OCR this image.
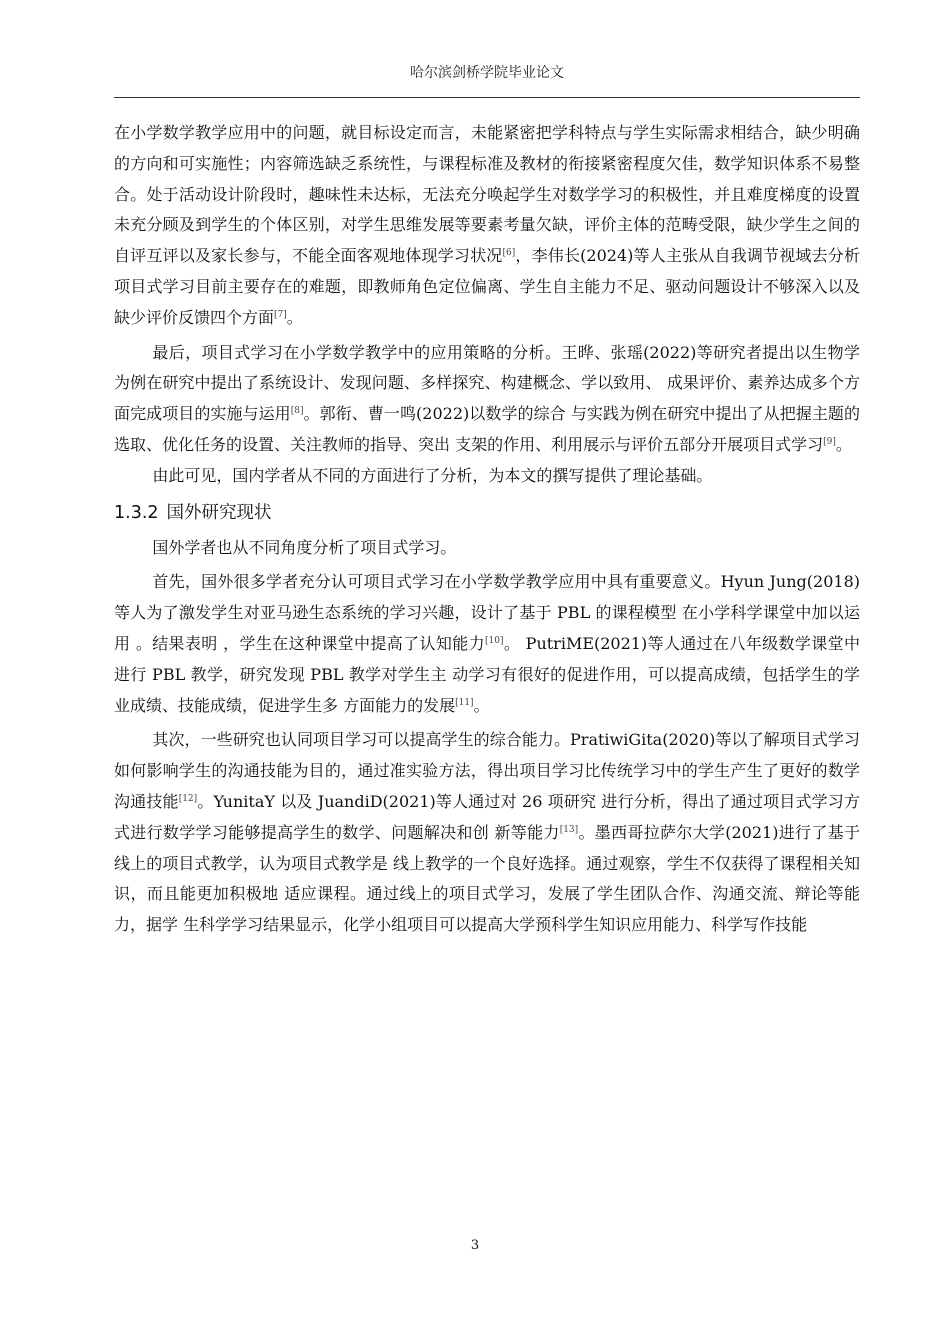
哈尔滨剑桥学院毕业论文

在小学数学教学应用中的问题，就目标设定而言，未能紧密把学科特点与学生实际需求相结合，缺少明确的方向和可实施性；内容筛选缺乏系统性，与课程标准及教材的衔接紧密程度欠佳，数学知识体系不易整合。处于活动设计阶段时，趣味性未达标，无法充分唤起学生对数学学习的积极性，并且难度梯度的设置未充分顾及到学生的个体区别，对学生思维发展等要素考量欠缺，评价主体的范畴受限，缺少学生之间的自评互评以及家长参与，不能全面客观地体现学习状况[6]，李伟长(2024)等人主张从自我调节视域去分析项目式学习目前主要存在的难题，即教师角色定位偏离、学生自主能力不足、驱动问题设计不够深入以及缺少评价反馈四个方面[7]。

最后，项目式学习在小学数学教学中的应用策略的分析。王晔、张瑶(2022)等研究者提出以生物学为例在研究中提出了系统设计、发现问题、多样探究、构建概念、学以致用、 成果评价、素养达成多个方面完成项目的实施与运用[8]。郭衔、曹一鸣(2022)以数学的综合 与实践为例在研究中提出了从把握主题的选取、优化任务的设置、关注教师的指导、突出 支架的作用、利用展示与评价五部分开展项目式学习[9]。

由此可见，国内学者从不同的方面进行了分析，为本文的撰写提供了理论基础。

1.3.2 国外研究现状

国外学者也从不同角度分析了项目式学习。

首先，国外很多学者充分认可项目式学习在小学数学教学应用中具有重要意义。Hyun Jung(2018)等人为了激发学生对亚马逊生态系统的学习兴趣，设计了基于 PBL 的课程模型 在小学科学课堂中加以运用 。结果表明 ，学生在这种课堂中提高了认知能力[10]。 PutriME(2021)等人通过在八年级数学课堂中进行 PBL 教学，研究发现 PBL 教学对学生主 动学习有很好的促进作用，可以提高成绩，包括学生的学业成绩、技能成绩，促进学生多 方面能力的发展[11]。

其次，一些研究也认同项目学习可以提高学生的综合能力。PratiwiGita(2020)等以了解项目式学习如何影响学生的沟通技能为目的，通过准实验方法，得出项目学习比传统学习中的学生产生了更好的数学沟通技能[12]。YunitaY 以及 JuandiD(2021)等人通过对 26 项研究 进行分析，得出了通过项目式学习方式进行数学学习能够提高学生的数学、问题解决和创 新等能力[13]。墨西哥拉萨尔大学(2021)进行了基于线上的项目式教学，认为项目式教学是 线上教学的一个良好选择。通过观察，学生不仅获得了课程相关知识，而且能更加积极地 适应课程。通过线上的项目式学习，发展了学生团队合作、沟通交流、辩论等能力，据学 生科学学习结果显示，化学小组项目可以提高大学预科学生知识应用能力、科学写作技能

3
